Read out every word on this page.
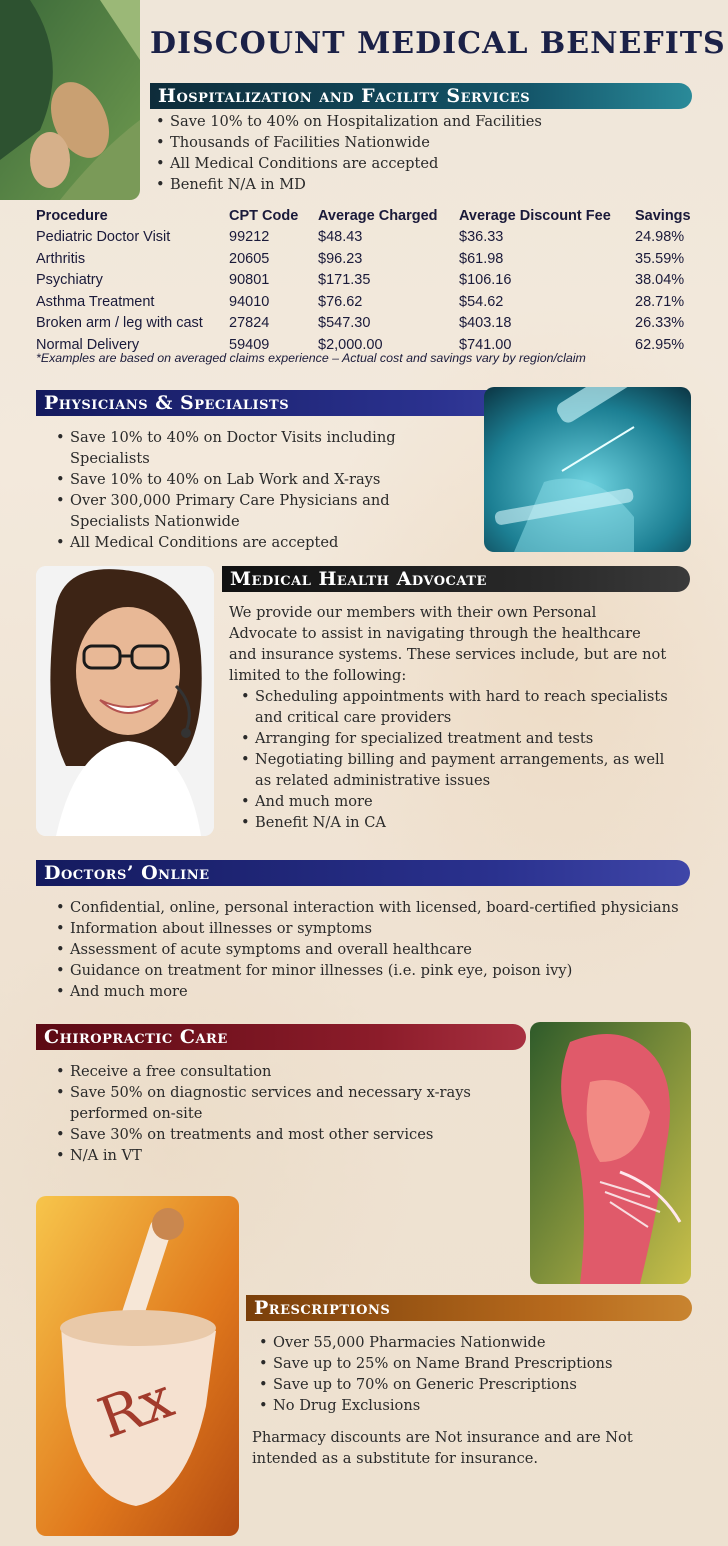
DISCOUNT MEDICAL BENEFITS
Hospitalization and Facility Services
• Save 10% to 40% on Hospitalization and Facilities
• Thousands of Facilities Nationwide
• All Medical Conditions are accepted
• Benefit N/A in MD
Procedure	CPT Code	Average Charged	Average Discount Fee	Savings
Pediatric Doctor Visit	99212	$48.43	$36.33	24.98%
Arthritis	20605	$96.23	$61.98	35.59%
Psychiatry	90801	$171.35	$106.16	38.04%
Asthma Treatment	94010	$76.62	$54.62	28.71%
Broken arm / leg with cast	27824	$547.30	$403.18	26.33%
Normal Delivery	59409	$2,000.00	$741.00	62.95%
*Examples are based on averaged claims experience – Actual cost and savings vary by region/claim
Physicians & Specialists
• Save 10% to 40% on Doctor Visits including Specialists
• Save 10% to 40% on Lab Work and X-rays
• Over 300,000 Primary Care Physicians and Specialists Nationwide
• All Medical Conditions are accepted
Medical Health Advocate

We provide our members with their own Personal Advocate to assist in navigating through the healthcare and insurance systems. These services include, but are not limited to the following:

• Scheduling appointments with hard to reach specialists and critical care providers
• Arranging for specialized treatment and tests
• Negotiating billing and payment arrangements, as well as related administrative issues
• And much more
• Benefit N/A in CA
Doctors’ Online
• Confidential, online, personal interaction with licensed, board-certified physicians
• Information about illnesses or symptoms
• Assessment of acute symptoms and overall healthcare
• Guidance on treatment for minor illnesses (i.e. pink eye, poison ivy)
• And much more
Chiropractic Care
• Receive a free consultation
• Save 50% on diagnostic services and necessary x-rays performed on-site
• Save 30% on treatments and most other services
• N/A in VT
Rx
Prescriptions
• Over 55,000 Pharmacies Nationwide
• Save up to 25% on Name Brand Prescriptions
• Save up to 70% on Generic Prescriptions
• No Drug Exclusions

Pharmacy discounts are Not insurance and are Not intended as a substitute for insurance.
